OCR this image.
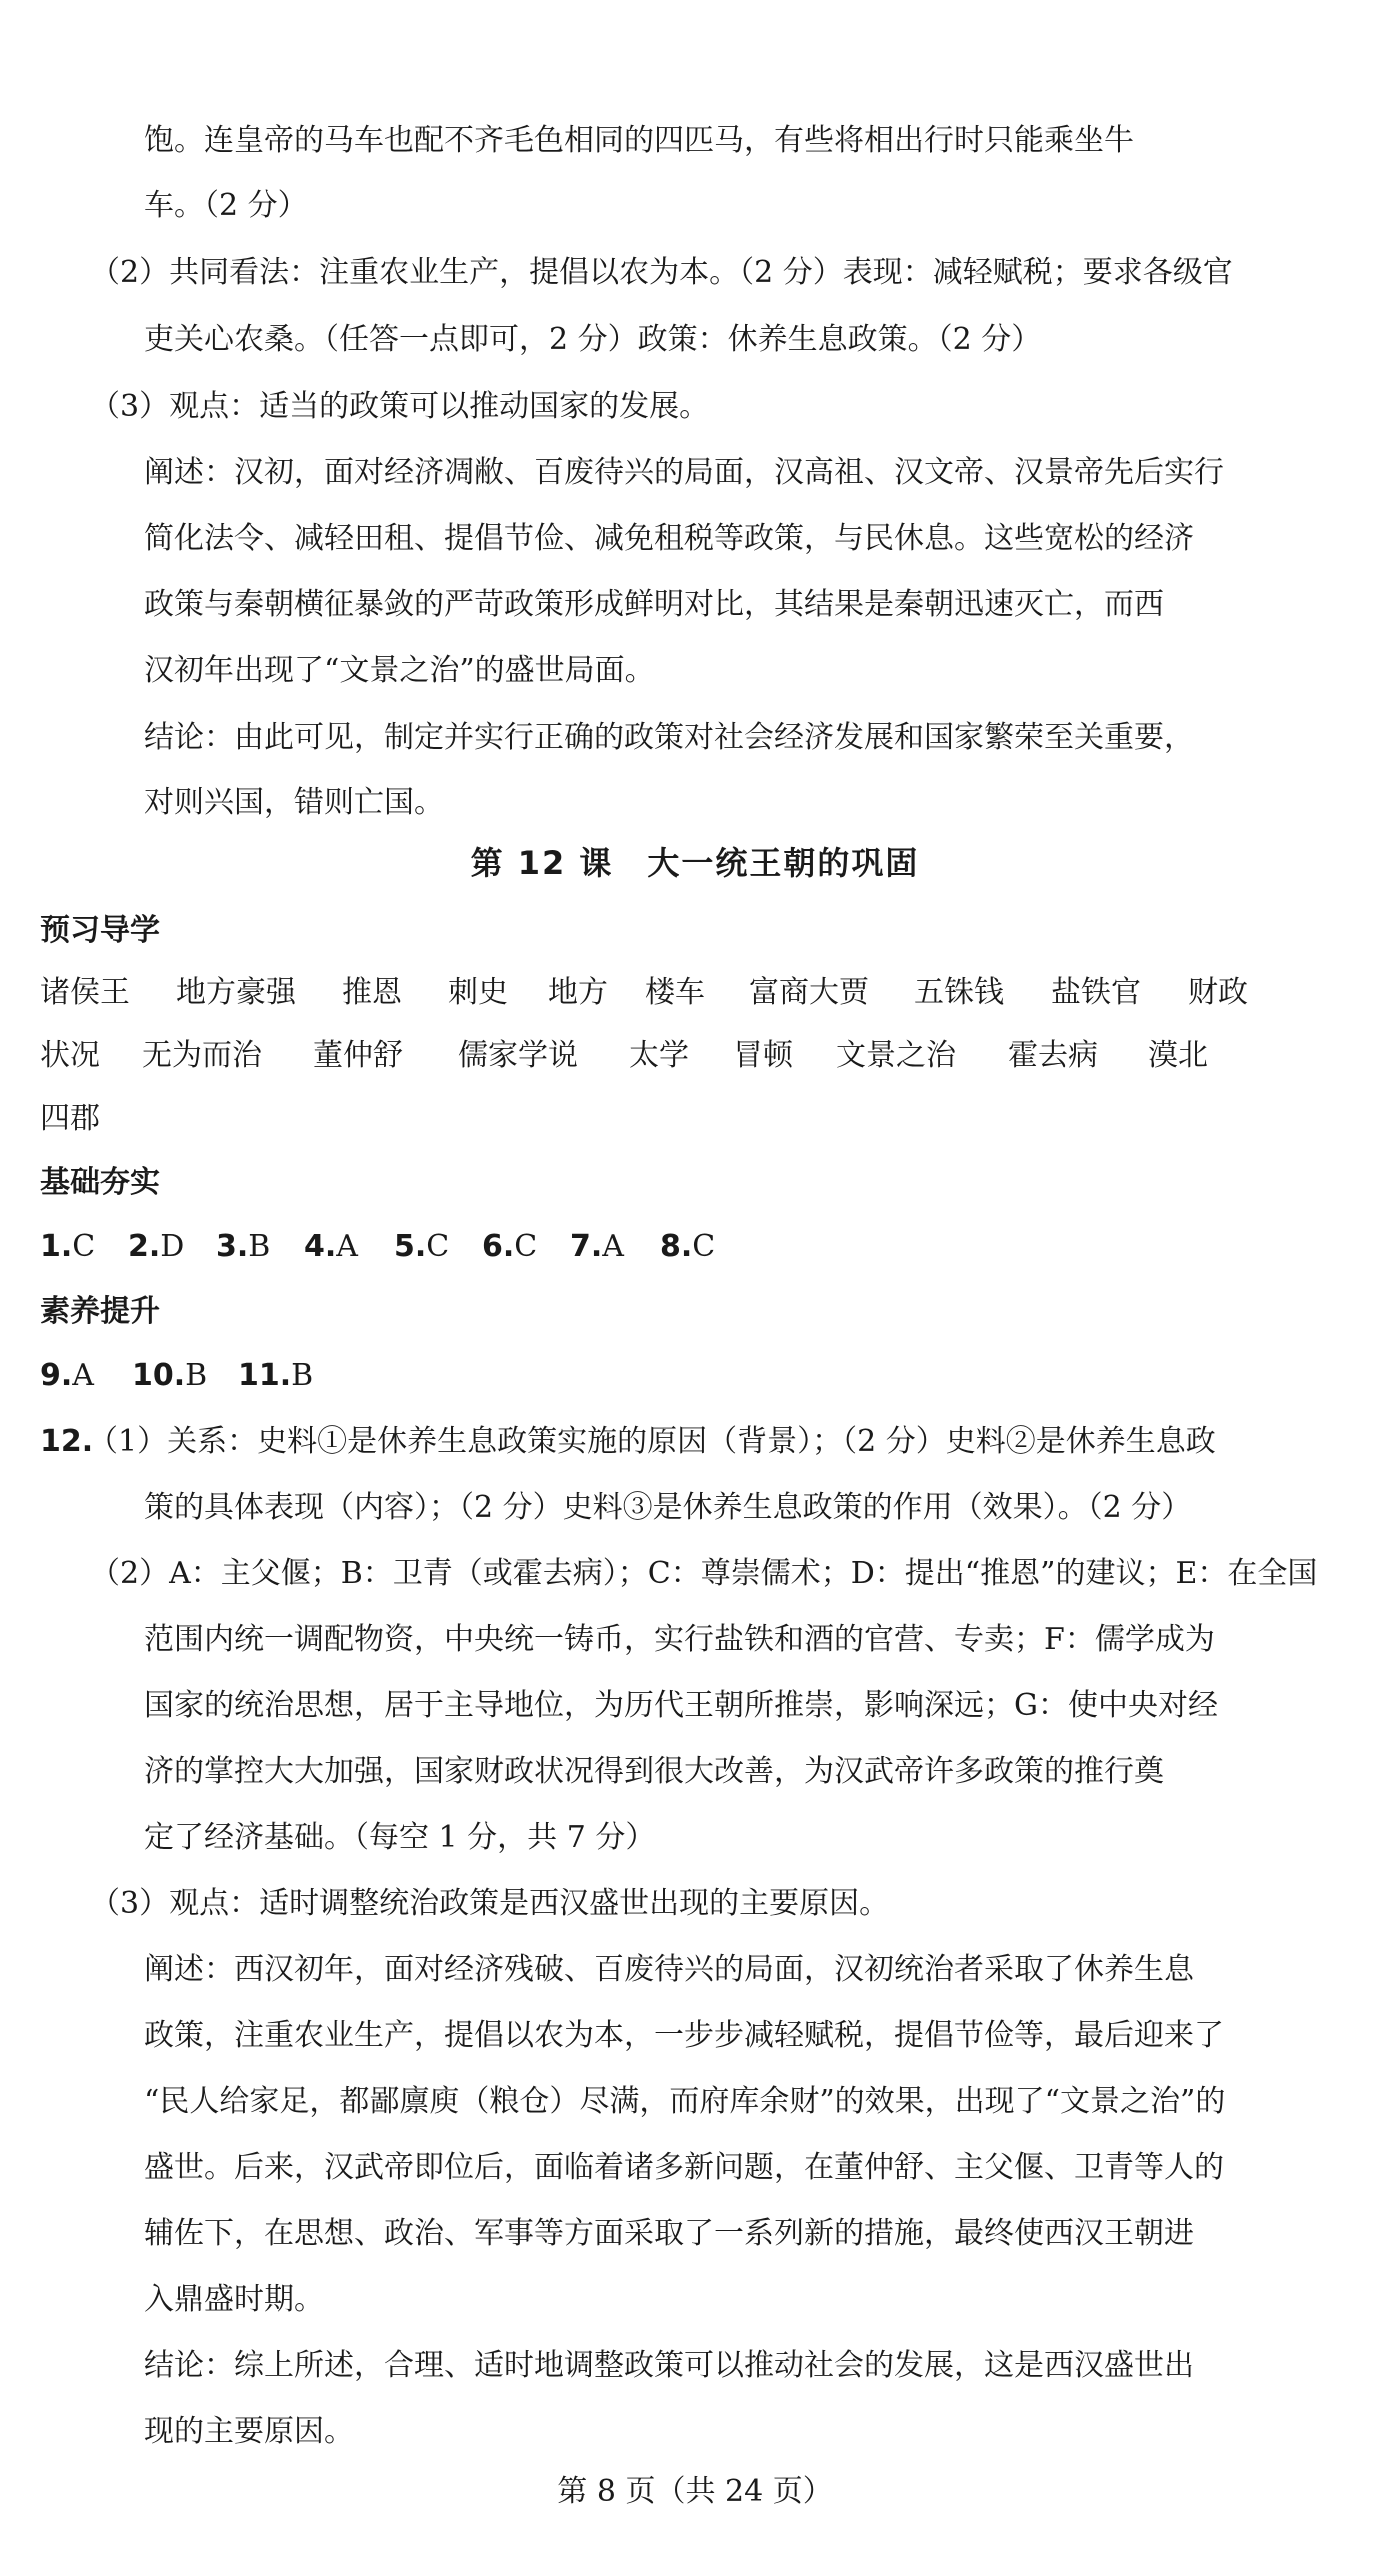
饱。连皇帝的马车也配不齐毛色相同的四匹马，有些将相出行时只能乘坐牛
车。（2 分）
（2）共同看法：注重农业生产，提倡以农为本。（2 分）表现：减轻赋税；要求各级官
吏关心农桑。（任答一点即可，2 分）政策：休养生息政策。（2 分）
（3）观点：适当的政策可以推动国家的发展。
阐述：汉初，面对经济凋敝、百废待兴的局面，汉高祖、汉文帝、汉景帝先后实行
简化法令、减轻田租、提倡节俭、减免租税等政策，与民休息。这些宽松的经济
政策与秦朝横征暴敛的严苛政策形成鲜明对比，其结果是秦朝迅速灭亡，而西
汉初年出现了“文景之治”的盛世局面。
结论：由此可见，制定并实行正确的政策对社会经济发展和国家繁荣至关重要，
对则兴国，错则亡国。
第 12 课　大一统王朝的巩固
预习导学
诸侯王 地方豪强 推恩 刺史 地方 楼车 富商大贾 五铢钱 盐铁官 财政
状况 无为而治 董仲舒 儒家学说 太学 冒顿 文景之治 霍去病 漠北
四郡
基础夯实
1.C 2.D 3.B 4.A 5.C 6.C 7.A 8.C
素养提升
9.A 10.B 11.B
12.
（1）关系：史料①是休养生息政策实施的原因（背景）；（2 分）史料②是休养生息政
策的具体表现（内容）；（2 分）史料③是休养生息政策的作用（效果）。（2 分）
（2）A：主父偃；B：卫青（或霍去病）；C：尊崇儒术；D：提出“推恩”的建议；E：在全国
范围内统一调配物资，中央统一铸币，实行盐铁和酒的官营、专卖；F：儒学成为
国家的统治思想，居于主导地位，为历代王朝所推崇，影响深远；G：使中央对经
济的掌控大大加强，国家财政状况得到很大改善，为汉武帝许多政策的推行奠
定了经济基础。（每空 1 分，共 7 分）
（3）观点：适时调整统治政策是西汉盛世出现的主要原因。
阐述：西汉初年，面对经济残破、百废待兴的局面，汉初统治者采取了休养生息
政策，注重农业生产，提倡以农为本，一步步减轻赋税，提倡节俭等，最后迎来了
“民人给家足，都鄙廪庾（粮仓）尽满，而府库余财”的效果，出现了“文景之治”的
盛世。后来，汉武帝即位后，面临着诸多新问题，在董仲舒、主父偃、卫青等人的
辅佐下，在思想、政治、军事等方面采取了一系列新的措施，最终使西汉王朝进
入鼎盛时期。
结论：综上所述，合理、适时地调整政策可以推动社会的发展，这是西汉盛世出
现的主要原因。
第 8 页（共 24 页）
